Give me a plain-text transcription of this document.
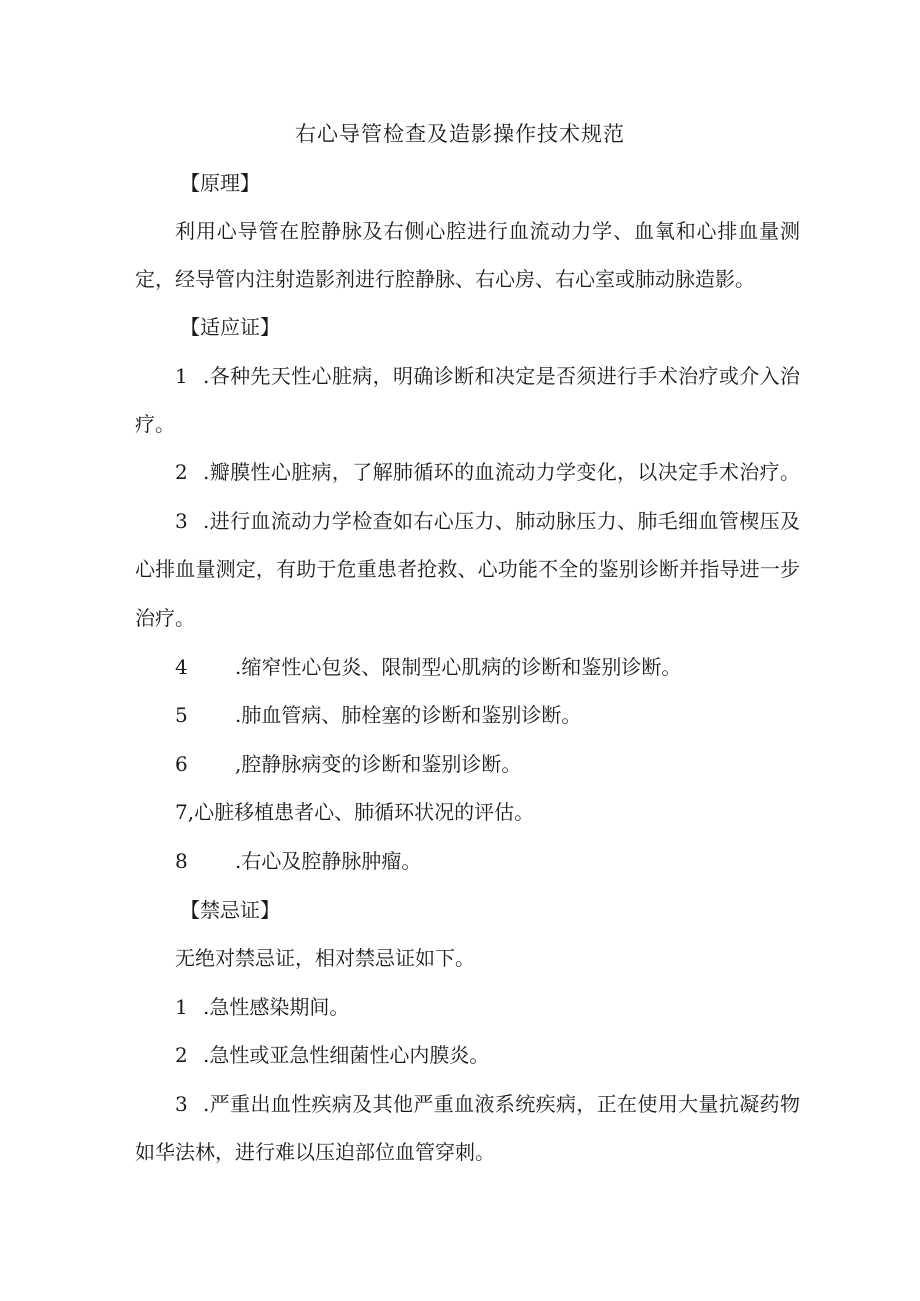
右心导管检查及造影操作技术规范
【原理】
利用心导管在腔静脉及右侧心腔进行血流动力学、血氧和心排血量测
定，经导管内注射造影剂进行腔静脉、右心房、右心室或肺动脉造影。
【适应证】
1 .各种先天性心脏病，明确诊断和决定是否须进行手术治疗或介入治
疗。
2 .瓣膜性心脏病，了解肺循环的血流动力学变化，以决定手术治疗。
3 .进行血流动力学检查如右心压力、肺动脉压力、肺毛细血管楔压及
心排血量测定，有助于危重患者抢救、心功能不全的鉴别诊断并指导进一步
治疗。
4 .缩窄性心包炎、限制型心肌病的诊断和鉴别诊断。
5 .肺血管病、肺栓塞的诊断和鉴别诊断。
6 ,腔静脉病变的诊断和鉴别诊断。
7,心脏移植患者心、肺循环状况的评估。
8 .右心及腔静脉肿瘤。
【禁忌证】
无绝对禁忌证，相对禁忌证如下。
1 .急性感染期间。
2 .急性或亚急性细菌性心内膜炎。
3 .严重出血性疾病及其他严重血液系统疾病，正在使用大量抗凝药物
如华法林，进行难以压迫部位血管穿刺。
